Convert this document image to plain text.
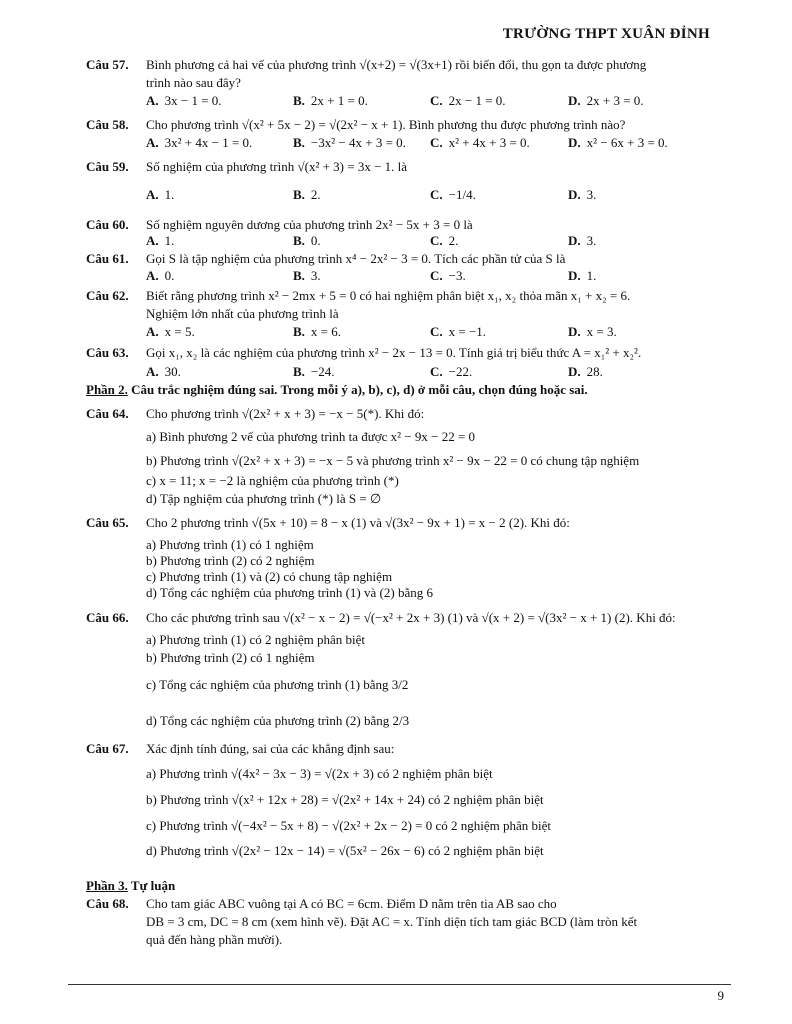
TRƯỜNG THPT XUÂN ĐỈNH
Câu 57. Bình phương cả hai vế của phương trình √(x+2) = √(3x+1) rồi biến đổi, thu gọn ta được phương
trình nào sau đây?
A. 3x − 1 = 0.	B. 2x + 1 = 0.	C. 2x − 1 = 0.	D. 2x + 3 = 0.
Câu 58. Cho phương trình √(x² + 5x − 2) = √(2x² − x + 1). Bình phương thu được phương trình nào?
A. 3x² + 4x − 1 = 0.	B. −3x² − 4x + 3 = 0. C. x² + 4x + 3 = 0.	D. x² − 6x + 3 = 0.
Câu 59. Số nghiệm của phương trình √(x² + 3) = 3x − 1. là
A. 1.	B. 2.	C. −1/4.	D. 3.
Câu 60. Số nghiệm nguyên dương của phương trình 2x² − 5x + 3 = 0 là
A. 1.	B. 0.	C. 2.	D. 3.
Câu 61. Gọi S là tập nghiệm của phương trình x⁴ − 2x² − 3 = 0. Tích các phần tử của S là
A. 0.	B. 3.	C. −3.	D. 1.
Câu 62. Biết rằng phương trình x² − 2mx + 5 = 0 có hai nghiệm phân biệt x₁, x₂ thỏa mãn x₁ + x₂ = 6.
Nghiệm lớn nhất của phương trình là
A. x = 5.	B. x = 6.	C. x = −1.	D. x = 3.
Câu 63. Gọi x₁, x₂ là các nghiệm của phương trình x² − 2x − 13 = 0. Tính giá trị biểu thức A = x₁² + x₂².
A. 30.	B. −24.	C. −22.	D. 28.
Phần 2. Câu trắc nghiệm đúng sai. Trong mỗi ý a), b), c), d) ở mỗi câu, chọn đúng hoặc sai.
Câu 64. Cho phương trình √(2x² + x + 3) = −x − 5(*). Khi đó:
a) Bình phương 2 vế của phương trình ta được x² − 9x − 22 = 0
b) Phương trình √(2x² + x + 3) = −x − 5 và phương trình x² − 9x − 22 = 0 có chung tập nghiệm
c) x = 11; x = −2 là nghiệm của phương trình (*)
d) Tập nghiệm của phương trình (*) là S = ∅
Câu 65. Cho 2 phương trình √(5x + 10) = 8 − x (1) và √(3x² − 9x + 1) = x − 2 (2). Khi đó:
a) Phương trình (1) có 1 nghiệm
b) Phương trình (2) có 2 nghiệm
c) Phương trình (1) và (2) có chung tập nghiệm
d) Tổng các nghiệm của phương trình (1) và (2) bằng 6
Câu 66. Cho các phương trình sau √(x² − x − 2) = √(−x² + 2x + 3) (1) và √(x + 2) = √(3x² − x + 1) (2). Khi đó:
a) Phương trình (1) có 2 nghiệm phân biệt
b) Phương trình (2) có 1 nghiệm
c) Tổng các nghiệm của phương trình (1) bằng 3/2
d) Tổng các nghiệm của phương trình (2) bằng 2/3
Câu 67. Xác định tính đúng, sai của các khẳng định sau:
a) Phương trình √(4x² − 3x − 3) = √(2x + 3) có 2 nghiệm phân biệt
b) Phương trình √(x² + 12x + 28) = √(2x² + 14x + 24) có 2 nghiệm phân biệt
c) Phương trình √(−4x² − 5x + 8) − √(2x² + 2x − 2) = 0 có 2 nghiệm phân biệt
d) Phương trình √(2x² − 12x − 14) = √(5x² − 26x − 6) có 2 nghiệm phân biệt
Phần 3. Tự luận
Câu 68. Cho tam giác ABC vuông tại A có BC = 6cm. Điểm D nằm trên tia AB sao cho
DB = 3 cm, DC = 8 cm (xem hình vẽ). Đặt AC = x. Tính diện tích tam giác BCD (làm tròn kết
quả đến hàng phần mười).
9
